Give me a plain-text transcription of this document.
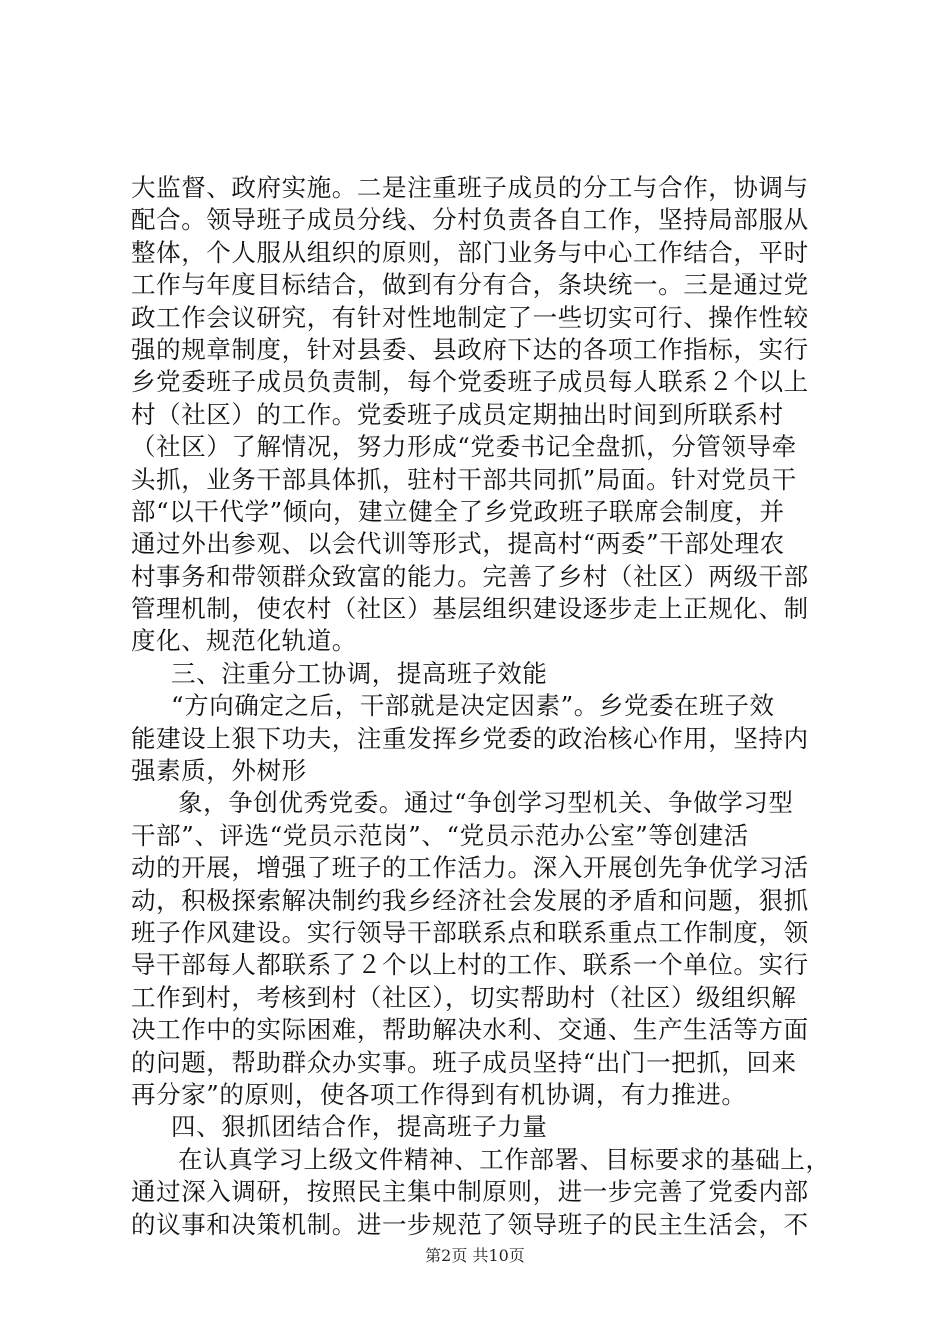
大监督、政府实施。二是注重班子成员的分工与合作，协调与
配合。领导班子成员分线、分村负责各自工作，坚持局部服从
整体，个人服从组织的原则，部门业务与中心工作结合，平时
工作与年度目标结合，做到有分有合，条块统一。三是通过党
政工作会议研究，有针对性地制定了一些切实可行、操作性较
强的规章制度，针对县委、县政府下达的各项工作指标，实行
乡党委班子成员负责制，每个党委班子成员每人联系２个以上
村（社区）的工作。党委班子成员定期抽出时间到所联系村
（社区）了解情况，努力形成“党委书记全盘抓，分管领导牵
头抓，业务干部具体抓，驻村干部共同抓”局面。针对党员干
部“以干代学”倾向，建立健全了乡党政班子联席会制度，并
通过外出参观、以会代训等形式，提高村“两委”干部处理农
村事务和带领群众致富的能力。完善了乡村（社区）两级干部
管理机制，使农村（社区）基层组织建设逐步走上正规化、制
度化、规范化轨道。
三、注重分工协调，提高班子效能
“方向确定之后，干部就是决定因素”。乡党委在班子效
能建设上狠下功夫，注重发挥乡党委的政治核心作用，坚持内
强素质，外树形
象，争创优秀党委。通过“争创学习型机关、争做学习型
干部”、评选“党员示范岗”、“党员示范办公室”等创建活
动的开展，增强了班子的工作活力。深入开展创先争优学习活
动，积极探索解决制约我乡经济社会发展的矛盾和问题，狠抓
班子作风建设。实行领导干部联系点和联系重点工作制度，领
导干部每人都联系了２个以上村的工作、联系一个单位。实行
工作到村，考核到村（社区），切实帮助村（社区）级组织解
决工作中的实际困难，帮助解决水利、交通、生产生活等方面
的问题，帮助群众办实事。班子成员坚持“出门一把抓，回来
再分家”的原则，使各项工作得到有机协调，有力推进。
四、狠抓团结合作，提高班子力量
在认真学习上级文件精神、工作部署、目标要求的基础上，
通过深入调研，按照民主集中制原则，进一步完善了党委内部
的议事和决策机制。进一步规范了领导班子的民主生活会，不
第2页 共10页
